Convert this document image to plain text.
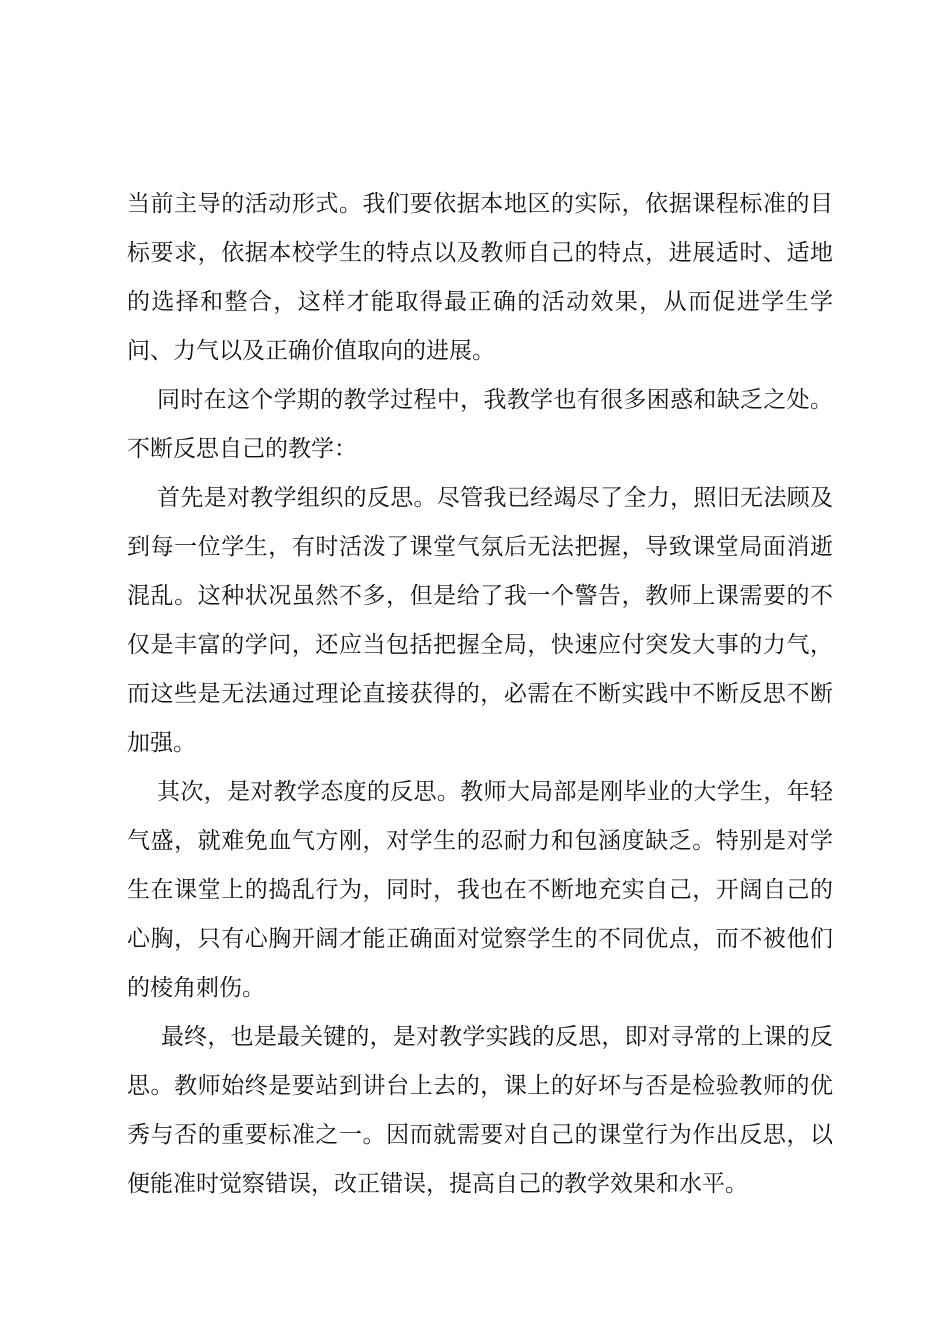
当前主导的活动形式。我们要依据本地区的实际，依据课程标准的目标要求，依据本校学生的特点以及教师自己的特点，进展适时、适地的选择和整合，这样才能取得最正确的活动效果，从而促进学生学问、力气以及正确价值取向的进展。

同时在这个学期的教学过程中，我教学也有很多困惑和缺乏之处。不断反思自己的教学：

首先是对教学组织的反思。尽管我已经竭尽了全力，照旧无法顾及到每一位学生，有时活泼了课堂气氛后无法把握，导致课堂局面消逝混乱。这种状况虽然不多，但是给了我一个警告，教师上课需要的不仅是丰富的学问，还应当包括把握全局，快速应付突发大事的力气，而这些是无法通过理论直接获得的，必需在不断实践中不断反思不断加强。

其次，是对教学态度的反思。教师大局部是刚毕业的大学生，年轻气盛，就难免血气方刚，对学生的忍耐力和包涵度缺乏。特别是对学生在课堂上的捣乱行为，同时，我也在不断地充实自己，开阔自己的心胸，只有心胸开阔才能正确面对觉察学生的不同优点，而不被他们的棱角刺伤。

最终，也是最关键的，是对教学实践的反思，即对寻常的上课的反思。教师始终是要站到讲台上去的，课上的好坏与否是检验教师的优秀与否的重要标准之一。因而就需要对自己的课堂行为作出反思，以便能准时觉察错误，改正错误，提高自己的教学效果和水平。
